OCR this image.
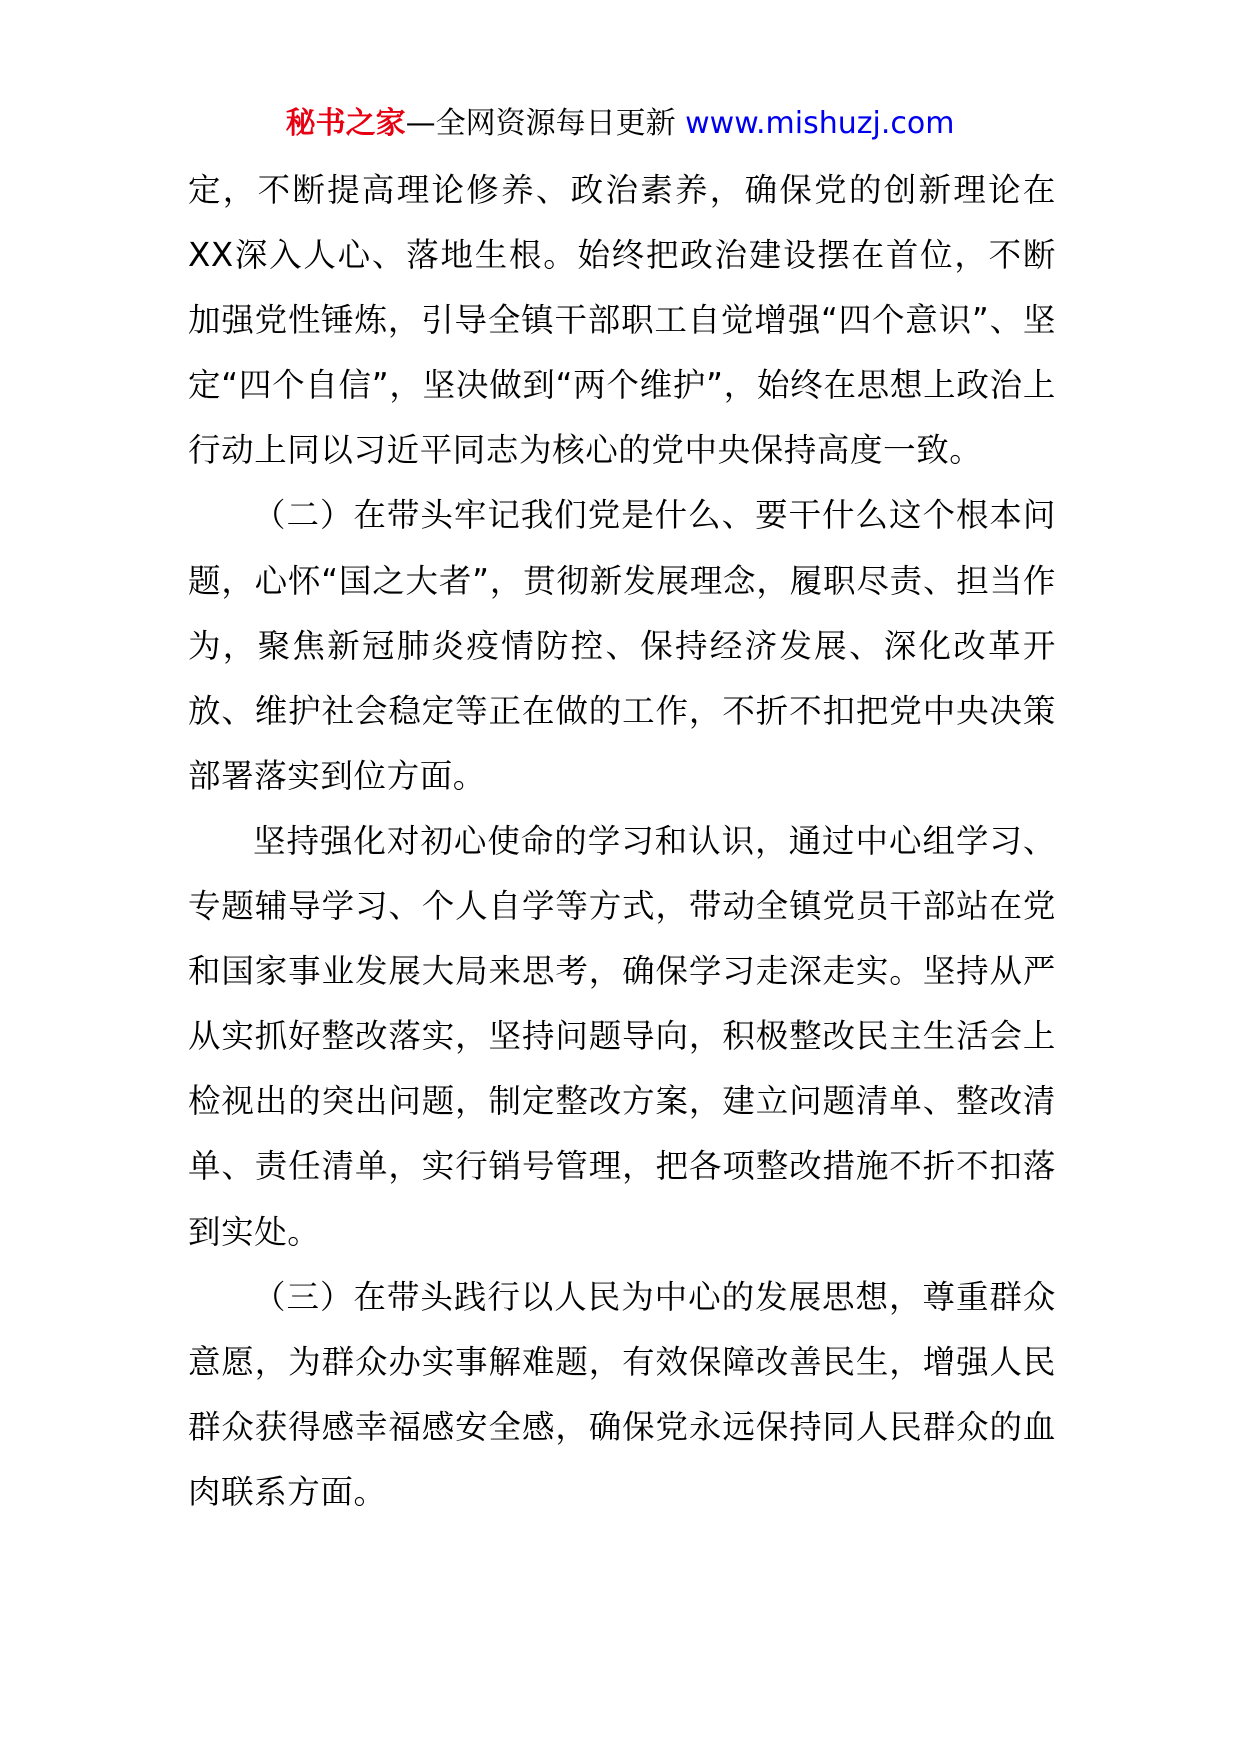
秘书之家—全网资源每日更新 www.mishuzj.com

定，不断提高理论修养、政治素养，确保党的创新理论在XX深入人心、落地生根。始终把政治建设摆在首位，不断加强党性锤炼，引导全镇干部职工自觉增强“四个意识”、坚定“四个自信”，坚决做到“两个维护”，始终在思想上政治上行动上同以习近平同志为核心的党中央保持高度一致。

（二）在带头牢记我们党是什么、要干什么这个根本问题，心怀“国之大者”，贯彻新发展理念，履职尽责、担当作为，聚焦新冠肺炎疫情防控、保持经济发展、深化改革开放、维护社会稳定等正在做的工作，不折不扣把党中央决策部署落实到位方面。

坚持强化对初心使命的学习和认识，通过中心组学习、专题辅导学习、个人自学等方式，带动全镇党员干部站在党和国家事业发展大局来思考，确保学习走深走实。坚持从严从实抓好整改落实，坚持问题导向，积极整改民主生活会上检视出的突出问题，制定整改方案，建立问题清单、整改清单、责任清单，实行销号管理，把各项整改措施不折不扣落到实处。

（三）在带头践行以人民为中心的发展思想，尊重群众意愿，为群众办实事解难题，有效保障改善民生，增强人民群众获得感幸福感安全感，确保党永远保持同人民群众的血肉联系方面。
